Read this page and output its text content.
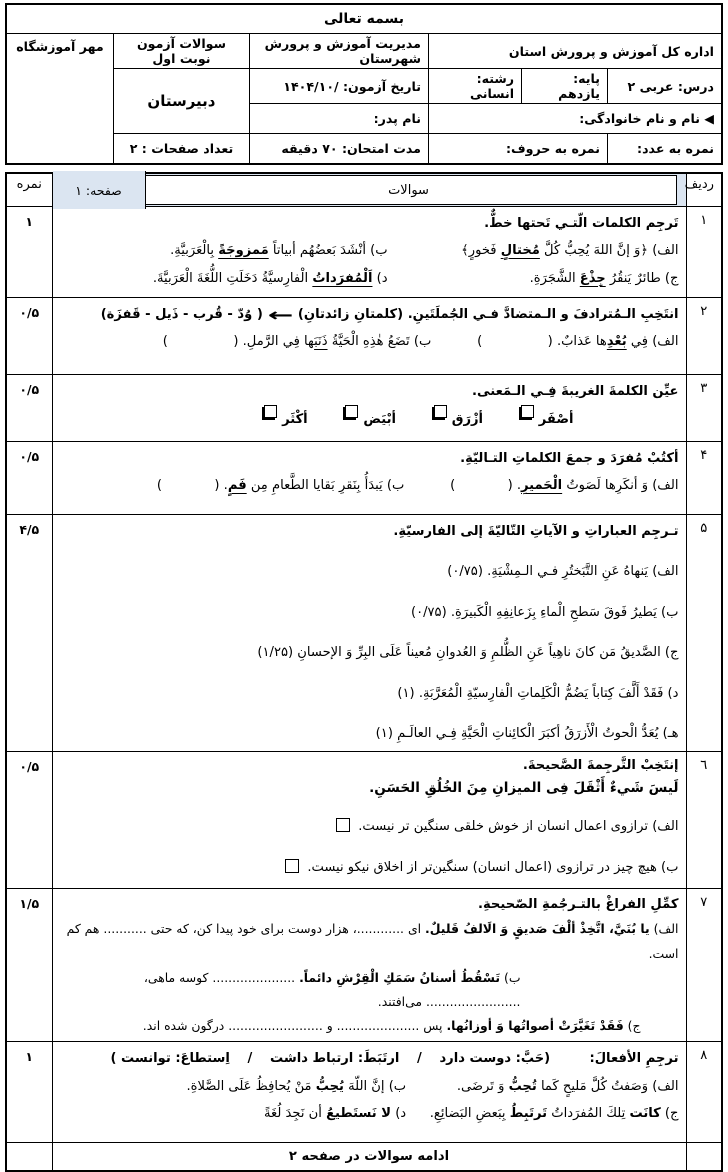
بسمه تعالی					
اداره کل آموزش و پرورش استان			مدیریت آموزش و پرورش شهرستان	سوالات آزمون نوبت اول	مهر آموزشگاه
درس: عربی ۲	پایه: یازدهم	رشته: انسانی	تاریخ آزمون: ۱۴۰۴/۱۰/	دبیرستان	
◀ نام و نام خانوادگی:			نام پدر:		
نمره به عدد:	نمره به حروف:		مدت امتحان: ۷۰ دقیقه	تعداد صفحات : ۲	
ردیف	سوالات
صفحه: ۱	نمره
۱	تَرجِم الكلمات الّتـي تَحتها خطٌّ.
الف) ﴿وَ إنَّ اللهَ يُحِبُّ كُلَّ مُختالٍ فَخورٍ﴾
ب) أنْشَدَ بَعضُهُم أبياتاً مَمزوجَةً بِالْعَرَبيَّةِ.
ج) طائرٌ يَنقُرُ جِذْعَ الشَّجَرَةِ.
د) اَلْمُفرَداتُ الْفارِسيَّةُ دَخَلَتِ اللُّغَةَ الْعَرَبيَّةَ.	۱
۲	انتَخِبِ الـمُترادفَ و الـمتضادَّ فـي الجُملَتَينِ. (كلمتانِ زائدتانِ)←( وُدّ - قُرب - ذَيل - قَفزَة)
الف) فِي بُعْدِها عَذابٌ. (     )    ب) تَضَعُ هٰذِهِ الْحَيَّةُ ذَنَبَها فِي الرَّملِ. (     )	۰/۵
۳	عيِّن الكلمةَ الغريبةَ فِـي الـمَعنى.
أصْفَر

أزْرَق

أبْيَض

أكْثَر	۰/۵
۴	أكتُبْ مُفرَدَ و جمعَ الكلماتِ التـاليّةِ.
الف) وَ أنكَرِها لَصَوتُ الْحَميرِ. (    )    ب) يَبدَأُ بِنَقرِ بَقايا الطَّعامِ مِن فَمٍ. (    )	۰/۵
۵	
تـرجِم العباراتِ و الآياتِ التّاليّةَ إلى الفارسيّةِ.
الف) يَنهاهُ عَنِ التَّبَختُرِ فـي الـمِشْيَةِ. (۰/۷۵)
ب) يَطيرُ فَوقَ سَطحِ الْماءِ بِزَعانِفِهِ الْكَبيرَةِ. (۰/۷۵)
ج) الصَّديقُ مَن كانَ ناهِياً عَنِ الظُّلمِ وَ العُدوانِ مُعيناً عَلَى البِرِّ وَ الإحسانِ (۱/۲۵)
د) فَقَدْ أَلَّفَ كِتاباً يَضُمُّ الْكَلِماتِ الْفارِسيّةِ الْمُعَرَّبَةِ. (۱)
هـ) يُعَدُّ الْحوتُ الْأَزرَقُ أكبَرَ الْكائِناتِ الْحَيَّةِ فِـي العالَـمِ (۱)
	۴/۵
٦	إنتَخِبْ التَّرجِمةَ الصَّحيحةَ.
لَيسَ شَيءٌ أَثْقَلَ فِی المیزانِ مِنَ الخُلُقِ الحَسَنِ.
الف) ترازوی اعمال انسان از خوش خلقی سنگین تر نیست.
ب) هیچ چیز در ترازوی (اعمال انسان) سنگین‌تر از اخلاق نیکو نیست.	۰/۵
۷	كمِّلِ الفراغْ بالتـرجُمةِ الصّحيحةِ.
الف) يا بُنَيَّ، اتَّخِذْ ألْفَ صَديقٍ وَ الَالفُ قَليلٌ. ای ............، هزار دوست برای خود پیدا کن، که حتی ........... هم کم است.
ب) تَسْقُطُ أسنانُ سَمَكِ الْقِرْشِ دائماً. ..................... کوسه ماهی، ........................ می‌افتند.
ج) فَقَدْ تَغَيَّرَتْ أصواتُها وَ أوزانُها. پس ..................... و ........................ درگون شده اند.	۱/۵
۸	ترجِمِ الأفعالَ:   (حَبَّ: دوست دارد  /  ارتَبَطَ: ارتباط داشت  /  اِستطاعَ: توانست )
الف) وَصَفتُ كُلَّ مَليحٍ كَما تُحِبُّ وَ تَرضَى.
ب) إنَّ اللّهَ يُحِبُّ مَنْ يُحافِظُ عَلَى الصَّلاةِ.
ج) كانَت تِلكَ المُفرَداتُ تَرتَبِطُ بِبَعضِ البَضائِعِ.
د) لا نَستَطيعُ أن نَجِدَ لُغَةً	۱
	ادامه سوالات در صفحه ۲	
